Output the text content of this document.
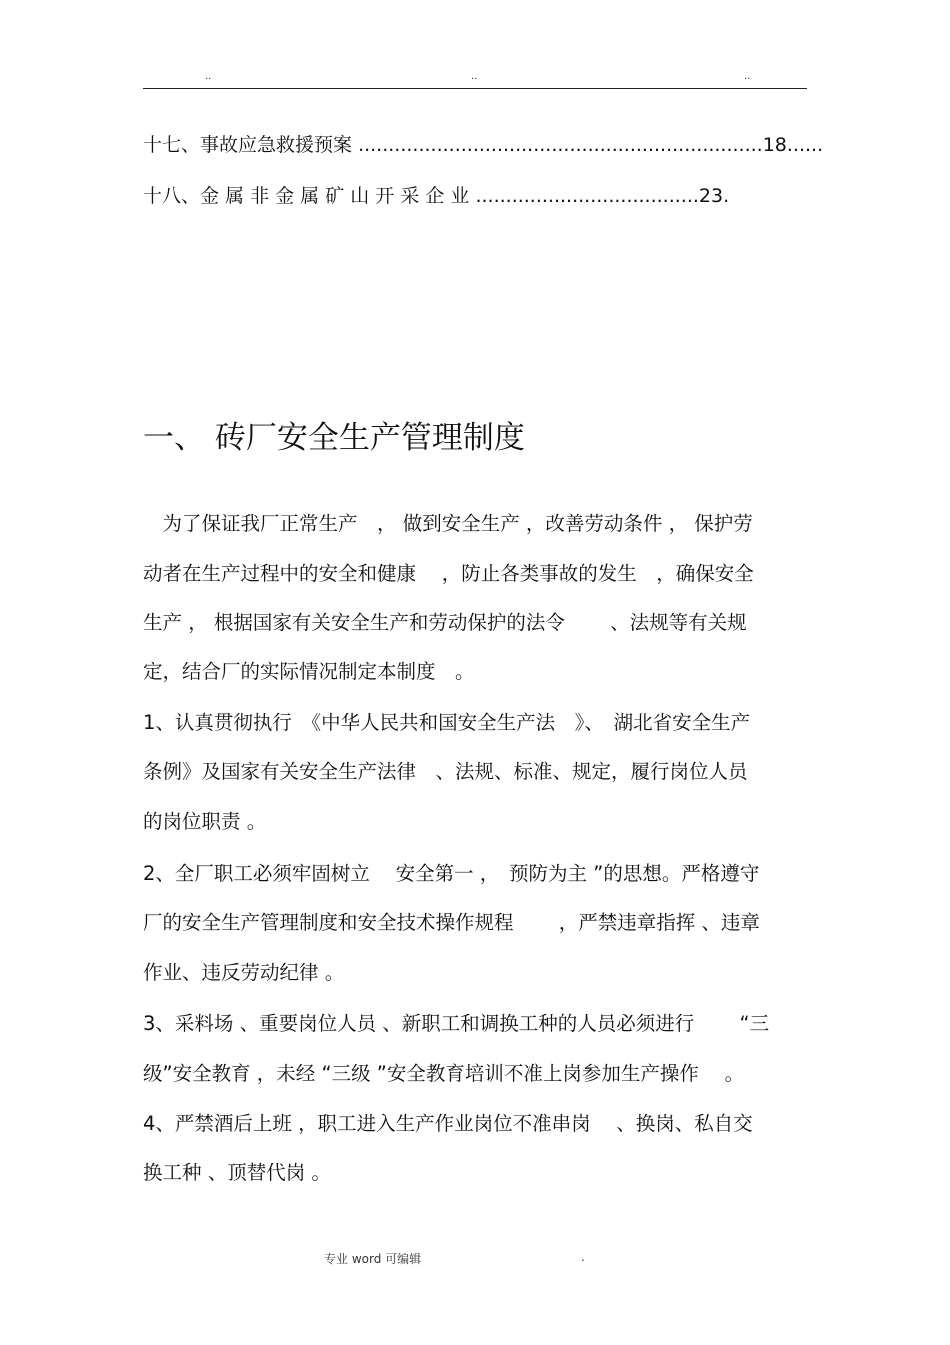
..	..	..
十七、事故应急救援预案 ...................................................................18......
十八、金 属 非 金 属 矿 山 开 采 企 业 .....................................23.
一、 砖厂安全生产管理制度
　为了保证我厂正常生产　， 做到安全生产 ，改善劳动条件 ， 保护劳
动者在生产过程中的安全和健康　 ，防止各类事故的发生　，确保安全
生产 ， 根据国家有关安全生产和劳动保护的法令　　 、法规等有关规
定，结合厂的实际情况制定本制度　。
1、认真贯彻执行　《中华人民共和国安全生产法　》、　湖北省安全生产
条例》及国家有关安全生产法律　、法规、标准、规定，履行岗位人员
的岗位职责 。
2、全厂职工必须牢固树立　 安全第一 ，　预防为主 ”的思想。严格遵守
厂的安全生产管理制度和安全技术操作规程　　 ，严禁违章指挥 、违章
作业、违反劳动纪律 。
3、采料场 、重要岗位人员 、新职工和调换工种的人员必须进行　　 “三
级”安全教育 ，未经 “三级 ”安全教育培训不准上岗参加生产操作　 。
4、严禁酒后上班 ，职工进入生产作业岗位不准串岗　 、换岗、私自交
换工种 、顶替代岗 。
专业 word 可编辑	.
